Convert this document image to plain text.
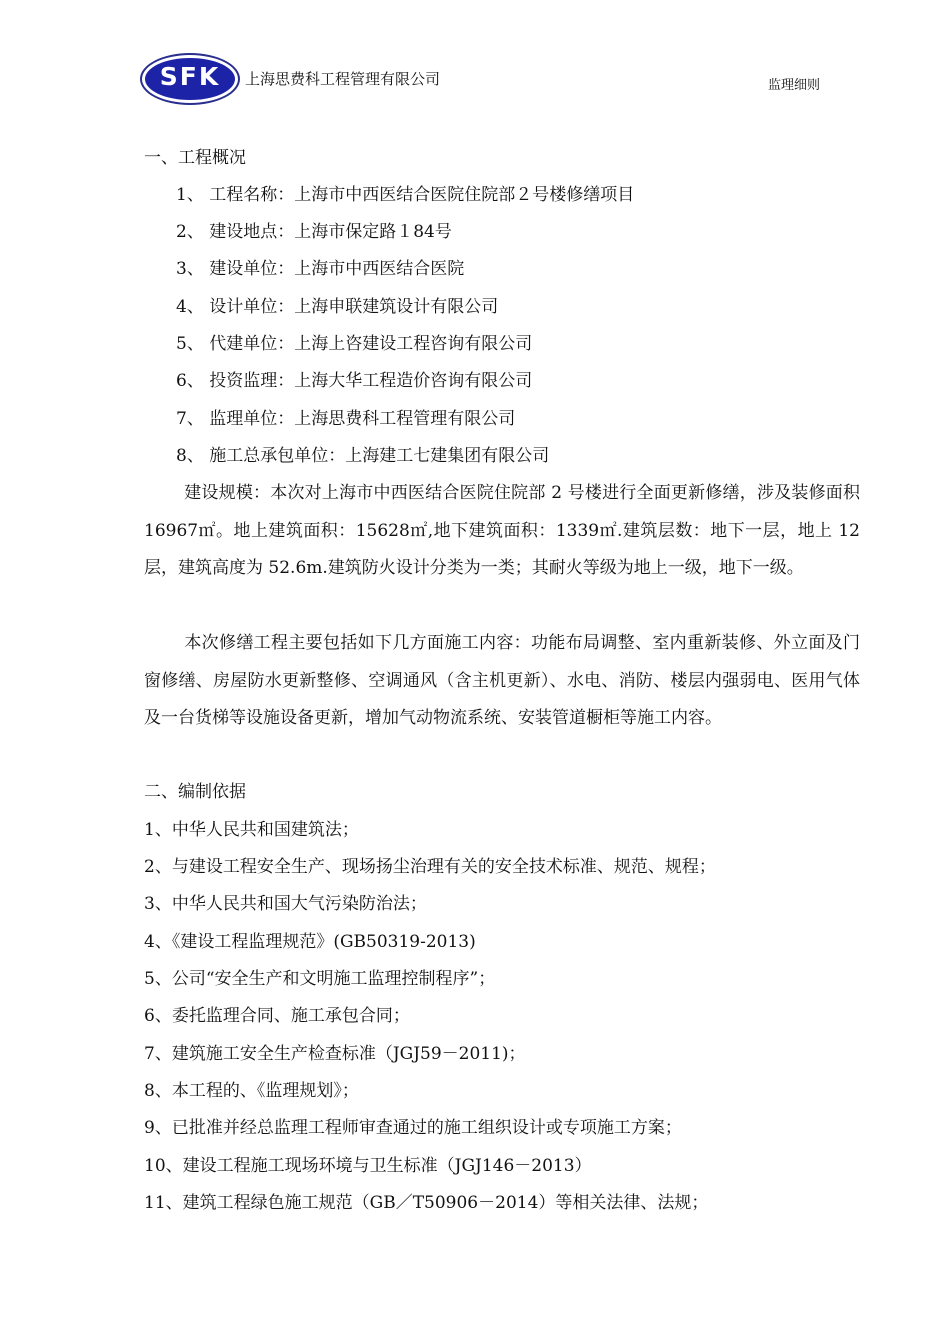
SFK	上海思费科工程管理有限公司	监理细则
一、工程概况
1、 工程名称：上海市中西医结合医院住院部２号楼修缮项目
2、 建设地点：上海市保定路１84号
3、 建设单位：上海市中西医结合医院
4、 设计单位：上海申联建筑设计有限公司
5、 代建单位：上海上咨建设工程咨询有限公司
6、 投资监理：上海大华工程造价咨询有限公司
7、 监理单位：上海思费科工程管理有限公司
8、 施工总承包单位：上海建工七建集团有限公司
建设规模：本次对上海市中西医结合医院住院部 2 号楼进行全面更新修缮，涉及装修面积 16967㎡。地上建筑面积：15628㎡,地下建筑面积：1339㎡.建筑层数：地下一层，地上 12 层，建筑高度为 52.6m.建筑防火设计分类为一类；其耐火等级为地上一级，地下一级。
本次修缮工程主要包括如下几方面施工内容：功能布局调整、室内重新装修、外立面及门窗修缮、房屋防水更新整修、空调通风（含主机更新）、水电、消防、楼层内强弱电、医用气体及一台货梯等设施设备更新，增加气动物流系统、安装管道橱柜等施工内容。
二、编制依据
1、中华人民共和国建筑法；
2、与建设工程安全生产、现场扬尘治理有关的安全技术标准、规范、规程；
3、中华人民共和国大气污染防治法；
4、《建设工程监理规范》(GB50319-2013)
5、公司“安全生产和文明施工监理控制程序”；
6、委托监理合同、施工承包合同；
7、建筑施工安全生产检查标准（JGJ59－2011)；
8、本工程的、《监理规划》；
9、已批准并经总监理工程师审查通过的施工组织设计或专项施工方案；
10、建设工程施工现场环境与卫生标准（JGJ146－2013）
11、建筑工程绿色施工规范（GB／T50906－2014）等相关法律、法规；
